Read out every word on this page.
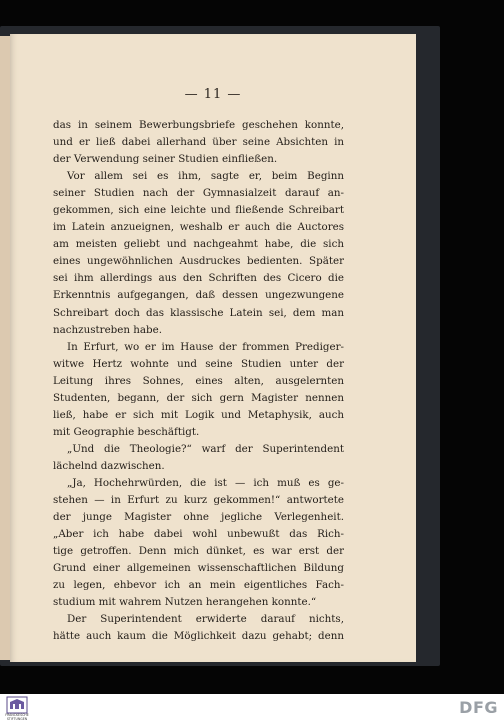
— 11 —
das in seinem Bewerbungsbriefe geschehen konnte,
und er ließ dabei allerhand über seine Absichten in
der Verwendung seiner Studien einfließen.
Vor allem sei es ihm, sagte er, beim Beginn
seiner Studien nach der Gymnasialzeit darauf an-
gekommen, sich eine leichte und fließende Schreibart
im Latein anzueignen, weshalb er auch die Auctores
am meisten geliebt und nachgeahmt habe, die sich
eines ungewöhnlichen Ausdruckes bedienten. Später
sei ihm allerdings aus den Schriften des Cicero die
Erkenntnis aufgegangen, daß dessen ungezwungene
Schreibart doch das klassische Latein sei, dem man
nachzustreben habe.
In Erfurt, wo er im Hause der frommen Prediger-
witwe Hertz wohnte und seine Studien unter der
Leitung ihres Sohnes, eines alten, ausgelernten
Studenten, begann, der sich gern Magister nennen
ließ, habe er sich mit Logik und Metaphysik, auch
mit Geographie beschäftigt.
„Und die Theologie?“ warf der Superintendent
lächelnd dazwischen.
„Ja, Hochehrwürden, die ist — ich muß es ge-
stehen — in Erfurt zu kurz gekommen!“ antwortete
der junge Magister ohne jegliche Verlegenheit.
„Aber ich habe dabei wohl unbewußt das Rich-
tige getroffen. Denn mich dünket, es war erst der
Grund einer allgemeinen wissenschaftlichen Bildung
zu legen, ehbevor ich an mein eigentliches Fach-
studium mit wahrem Nutzen herangehen konnte.“
Der Superintendent erwiderte darauf nichts,
hätte auch kaum die Möglichkeit dazu gehabt; denn
FRANCKESCHE STIFTUNGEN
DFG
